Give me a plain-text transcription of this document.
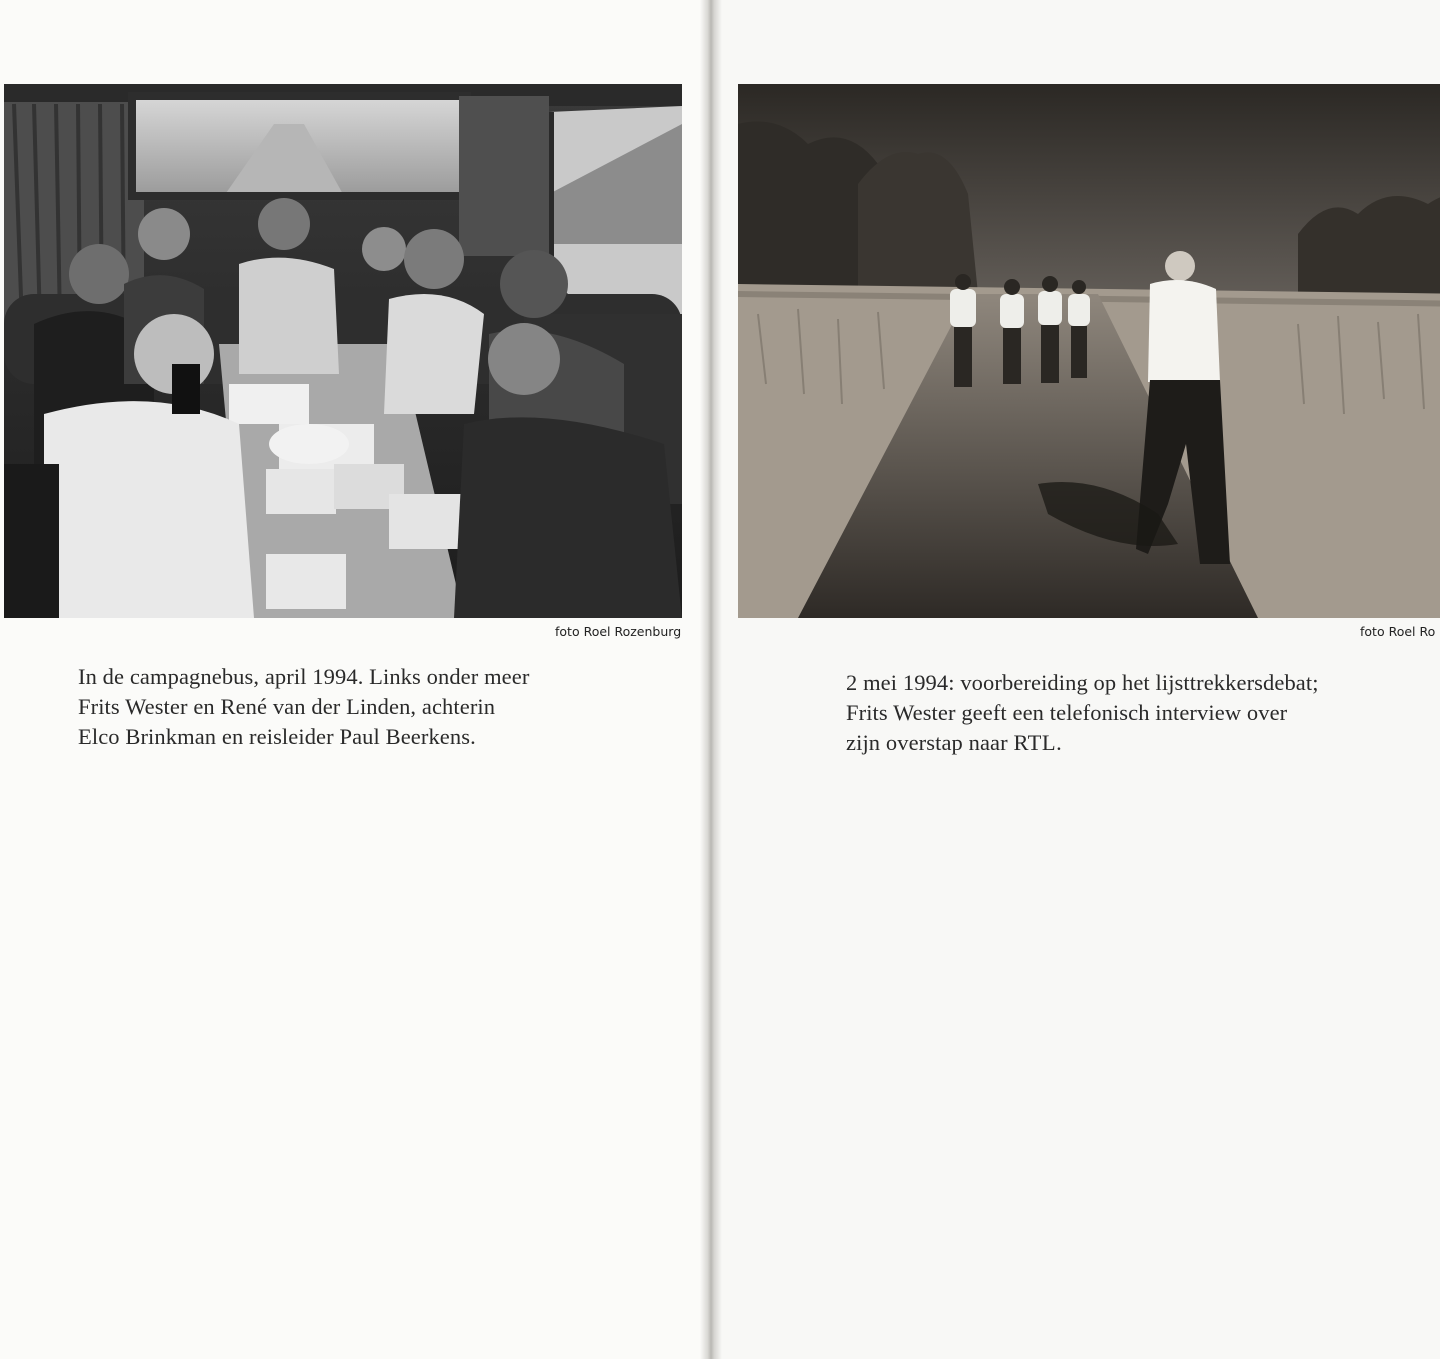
foto Roel Rozenburg
In de campagnebus, april 1994. Links onder meer
Frits Wester en René van der Linden, achterin
Elco Brinkman en reisleider Paul Beerkens.
foto Roel Ro
2 mei 1994: voorbereiding op het lijsttrekkersdebat;
Frits Wester geeft een telefonisch interview over
zijn overstap naar RTL.
